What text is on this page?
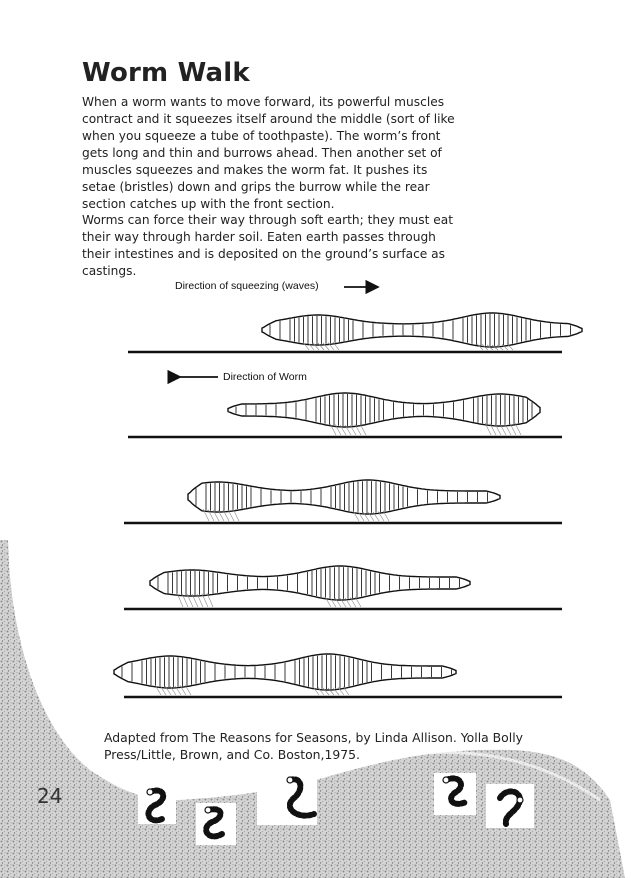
Worm Walk

When a worm wants to move forward, its powerful muscles contract and it squeezes itself around the middle (sort of like when you squeeze a tube of toothpaste). The worm’s front gets long and thin and burrows ahead. Then another set of muscles squeezes and makes the worm fat. It pushes its setae (bristles) down and grips the burrow while the rear section catches up with the front section.

Worms can force their way through soft earth; they must eat their way through harder soil. Eaten earth passes through their intestines and is deposited on the ground’s surface as castings.

Direction of squeezing (waves)
Direction of Worm

Adapted from The Reasons for Seasons, by Linda Allison. Yolla Bolly Press/Little, Brown, and Co. Boston,1975.

24
